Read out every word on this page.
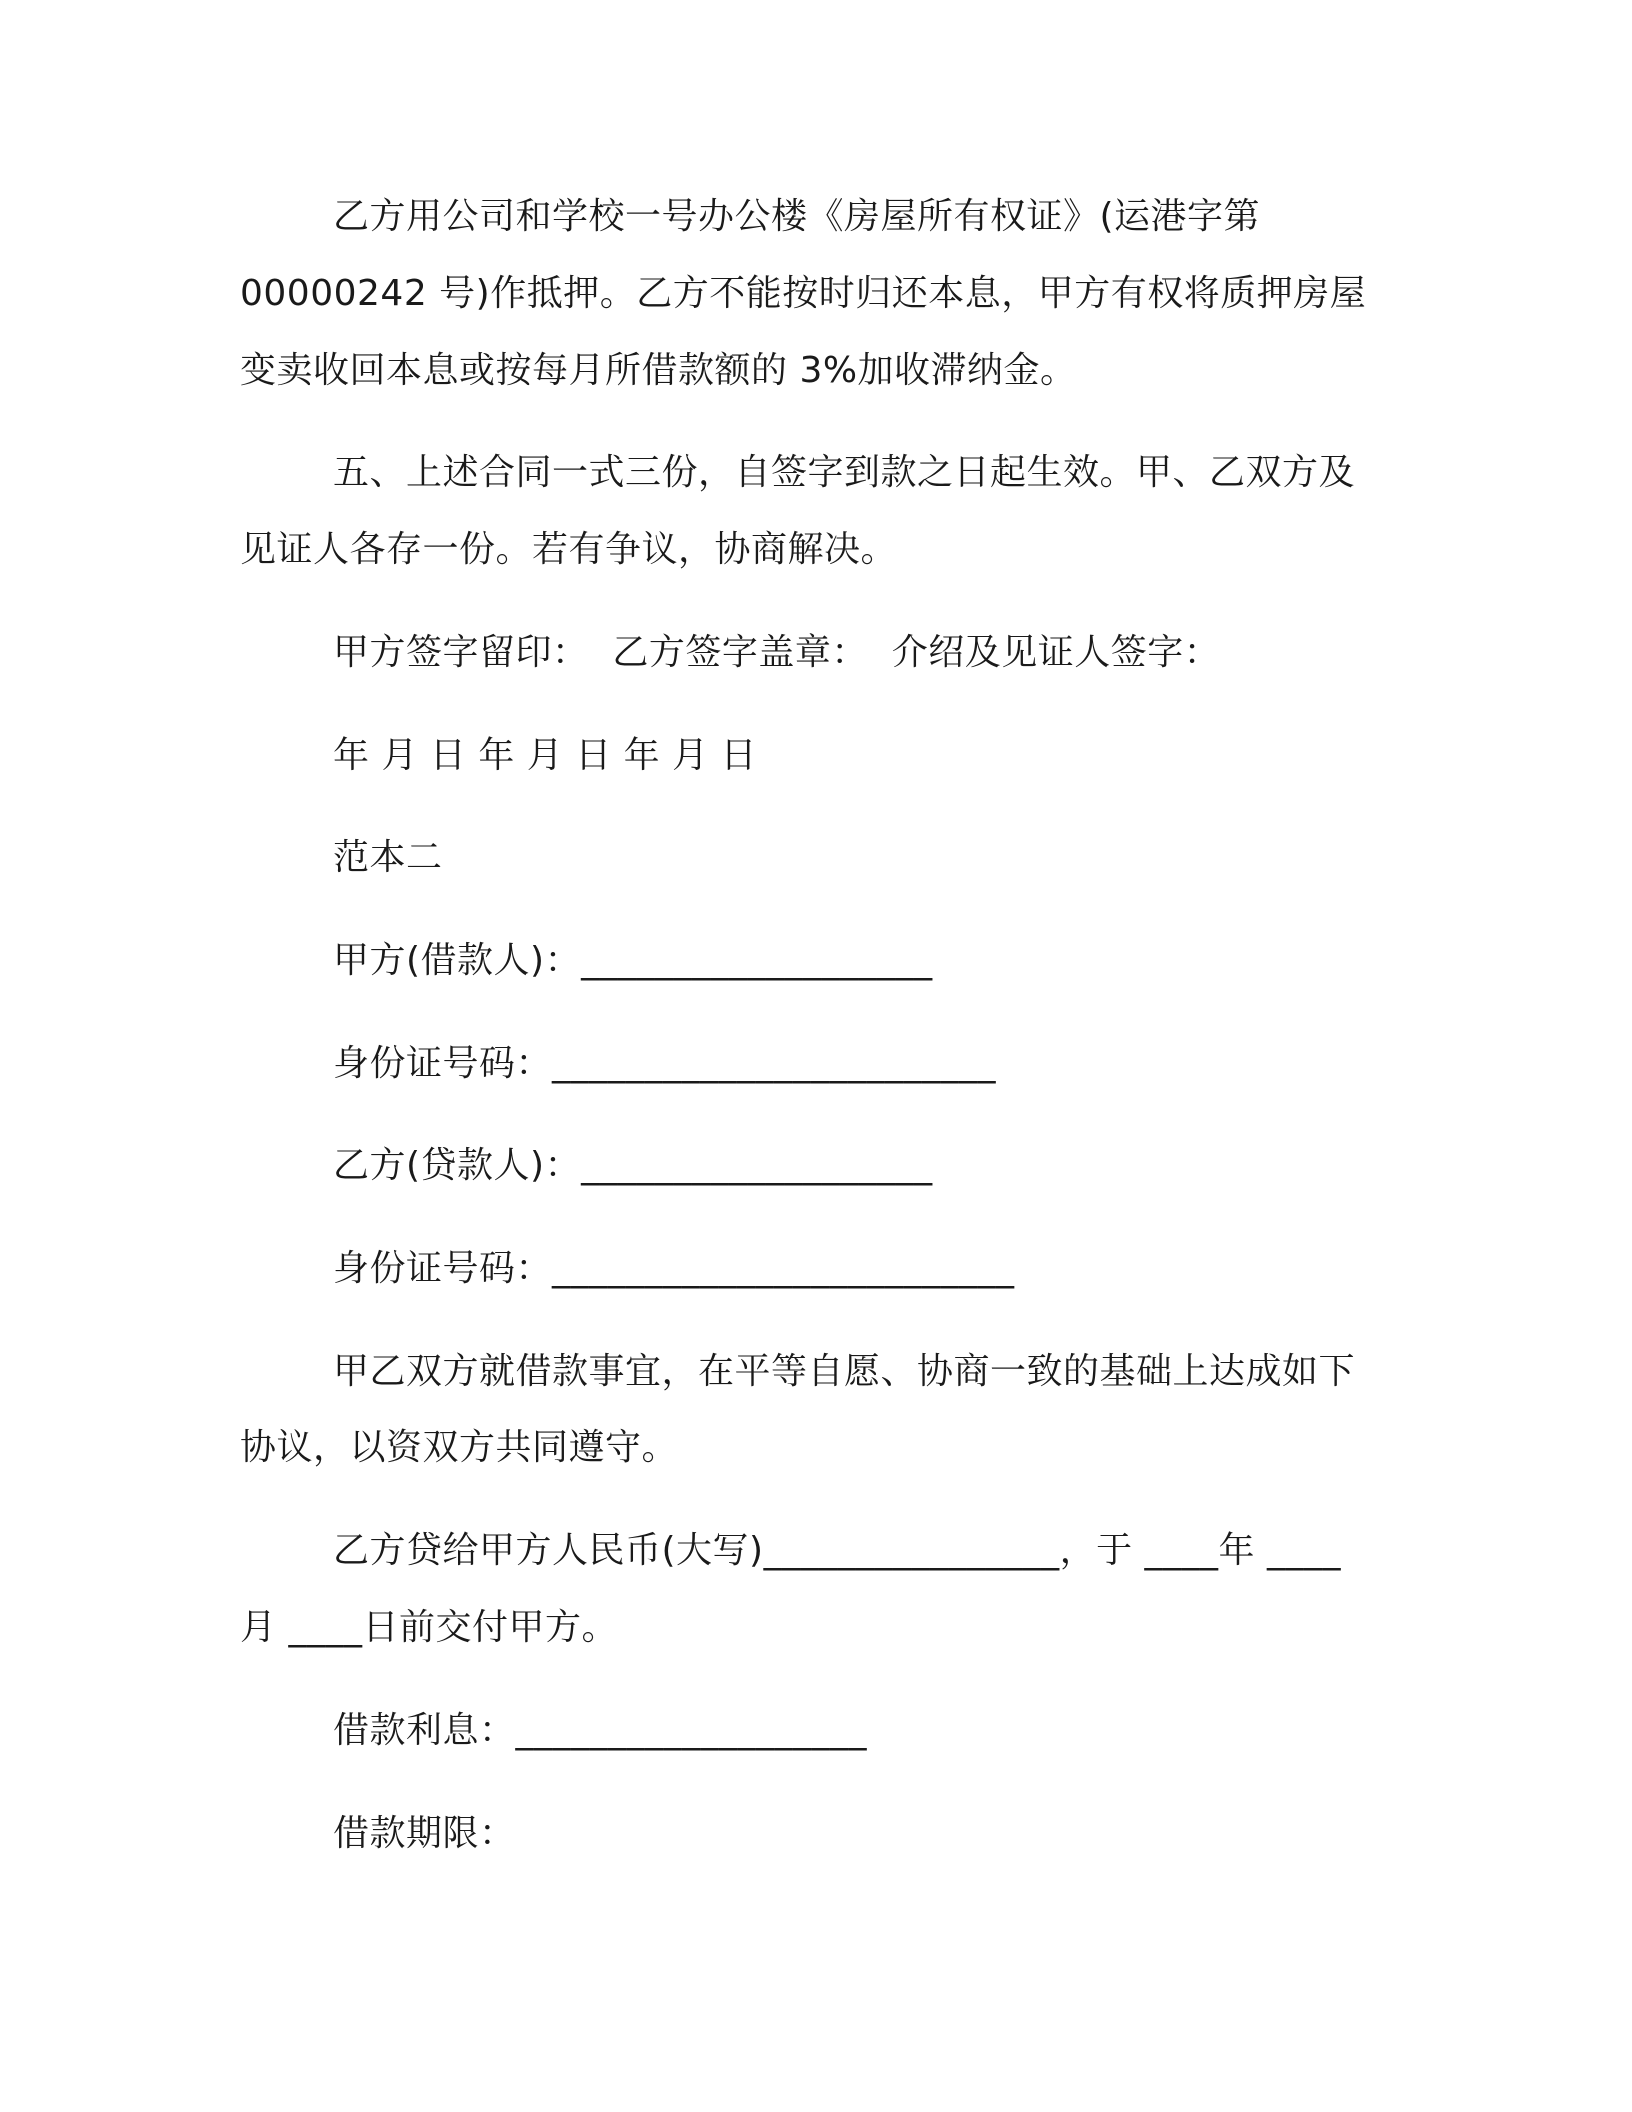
乙方用公司和学校一号办公楼《房屋所有权证》(运港字第
00000242 号)作抵押。乙方不能按时归还本息，甲方有权将质押房屋
变卖收回本息或按每月所借款额的 3%加收滞纳金。
五、上述合同一式三份，自签字到款之日起生效。甲、乙双方及
见证人各存一份。若有争议，协商解决。
甲方签字留印：  乙方签字盖章：  介绍及见证人签字：
年 月 日 年 月 日 年 月 日
范本二
甲方(借款人)：___________________
身份证号码：________________________
乙方(贷款人)：___________________
身份证号码：_________________________
甲乙双方就借款事宜，在平等自愿、协商一致的基础上达成如下
协议，以资双方共同遵守。
乙方贷给甲方人民币(大写)________________，于 ____年 ____
月 ____日前交付甲方。
借款利息：___________________
借款期限：
